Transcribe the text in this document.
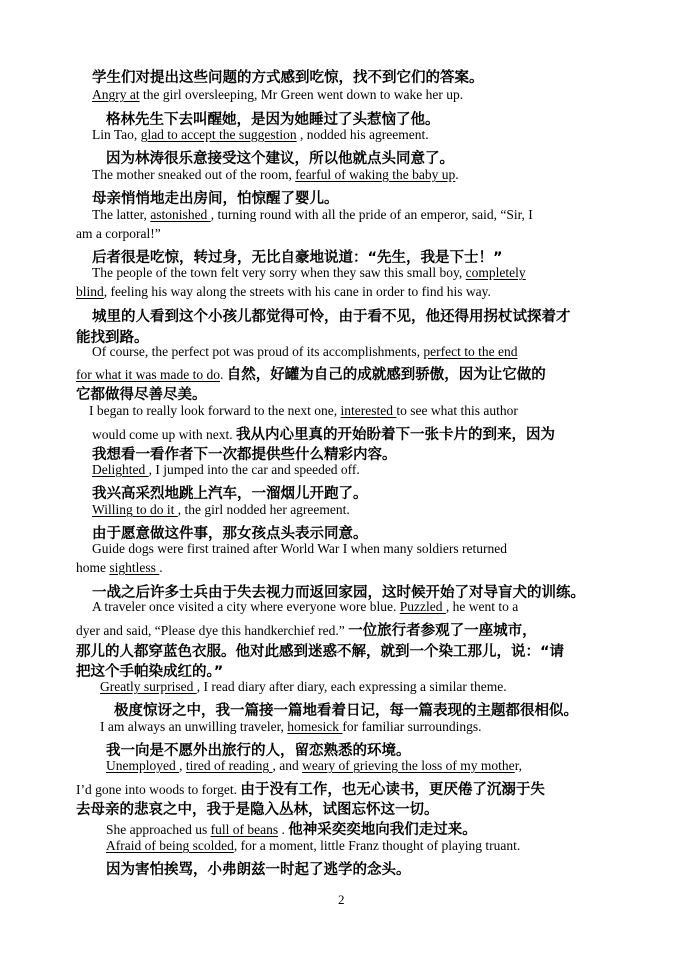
2
学生们对提出这些问题的方式感到吃惊，找不到它们的答案。
Angry at the girl oversleeping, Mr Green went down to wake her up.
格林先生下去叫醒她，是因为她睡过了头惹恼了他。
Lin Tao, glad to accept the suggestion , nodded his agreement.
因为林涛很乐意接受这个建议，所以他就点头同意了。
The mother sneaked out of the room, fearful of waking the baby up.
母亲悄悄地走出房间，怕惊醒了婴儿。
The latter, astonished , turning round with all the pride of an emperor, said, “Sir, I
am a corporal!”
后者很是吃惊，转过身，无比自豪地说道：“先生，我是下士！”
The people of the town felt very sorry when they saw this small boy, completely
blind, feeling his way along the streets with his cane in order to find his way.
城里的人看到这个小孩儿都觉得可怜，由于看不见，他还得用拐杖试探着才
能找到路。
Of course, the perfect pot was proud of its accomplishments, perfect to the end
for what it was made to do. 自然，好罐为自己的成就感到骄傲，因为让它做的
它都做得尽善尽美。
I began to really look forward to the next one, interested to see what this author
would come up with next. 我从内心里真的开始盼着下一张卡片的到来，因为
我想看一看作者下一次都提供些什么精彩内容。
Delighted , I jumped into the car and speeded off.
我兴高采烈地跳上汽车，一溜烟儿开跑了。
Willing to do it , the girl nodded her agreement.
由于愿意做这件事，那女孩点头表示同意。
Guide dogs were first trained after World War I when many soldiers returned
home sightless .
一战之后许多士兵由于失去视力而返回家园，这时候开始了对导盲犬的训练。
A traveler once visited a city where everyone wore blue. Puzzled , he went to a
dyer and said, “Please dye this handkerchief red.” 一位旅行者参观了一座城市，
那儿的人都穿蓝色衣服。他对此感到迷惑不解，就到一个染工那儿，说：“请
把这个手帕染成红的。”
Greatly surprised , I read diary after diary, each expressing a similar theme.
极度惊讶之中，我一篇接一篇地看着日记，每一篇表现的主题都很相似。
I am always an unwilling traveler, homesick for familiar surroundings.
我一向是不愿外出旅行的人，留恋熟悉的环境。
Unemployed , tired of reading , and weary of grieving the loss of my mother,
I’d gone into woods to forget. 由于没有工作，也无心读书，更厌倦了沉溺于失
去母亲的悲哀之中，我于是隐入丛林，试图忘怀这一切。
She approached us full of beans . 他神采奕奕地向我们走过来。
Afraid of being scolded, for a moment, little Franz thought of playing truant.
因为害怕挨骂，小弗朗兹一时起了逃学的念头。
